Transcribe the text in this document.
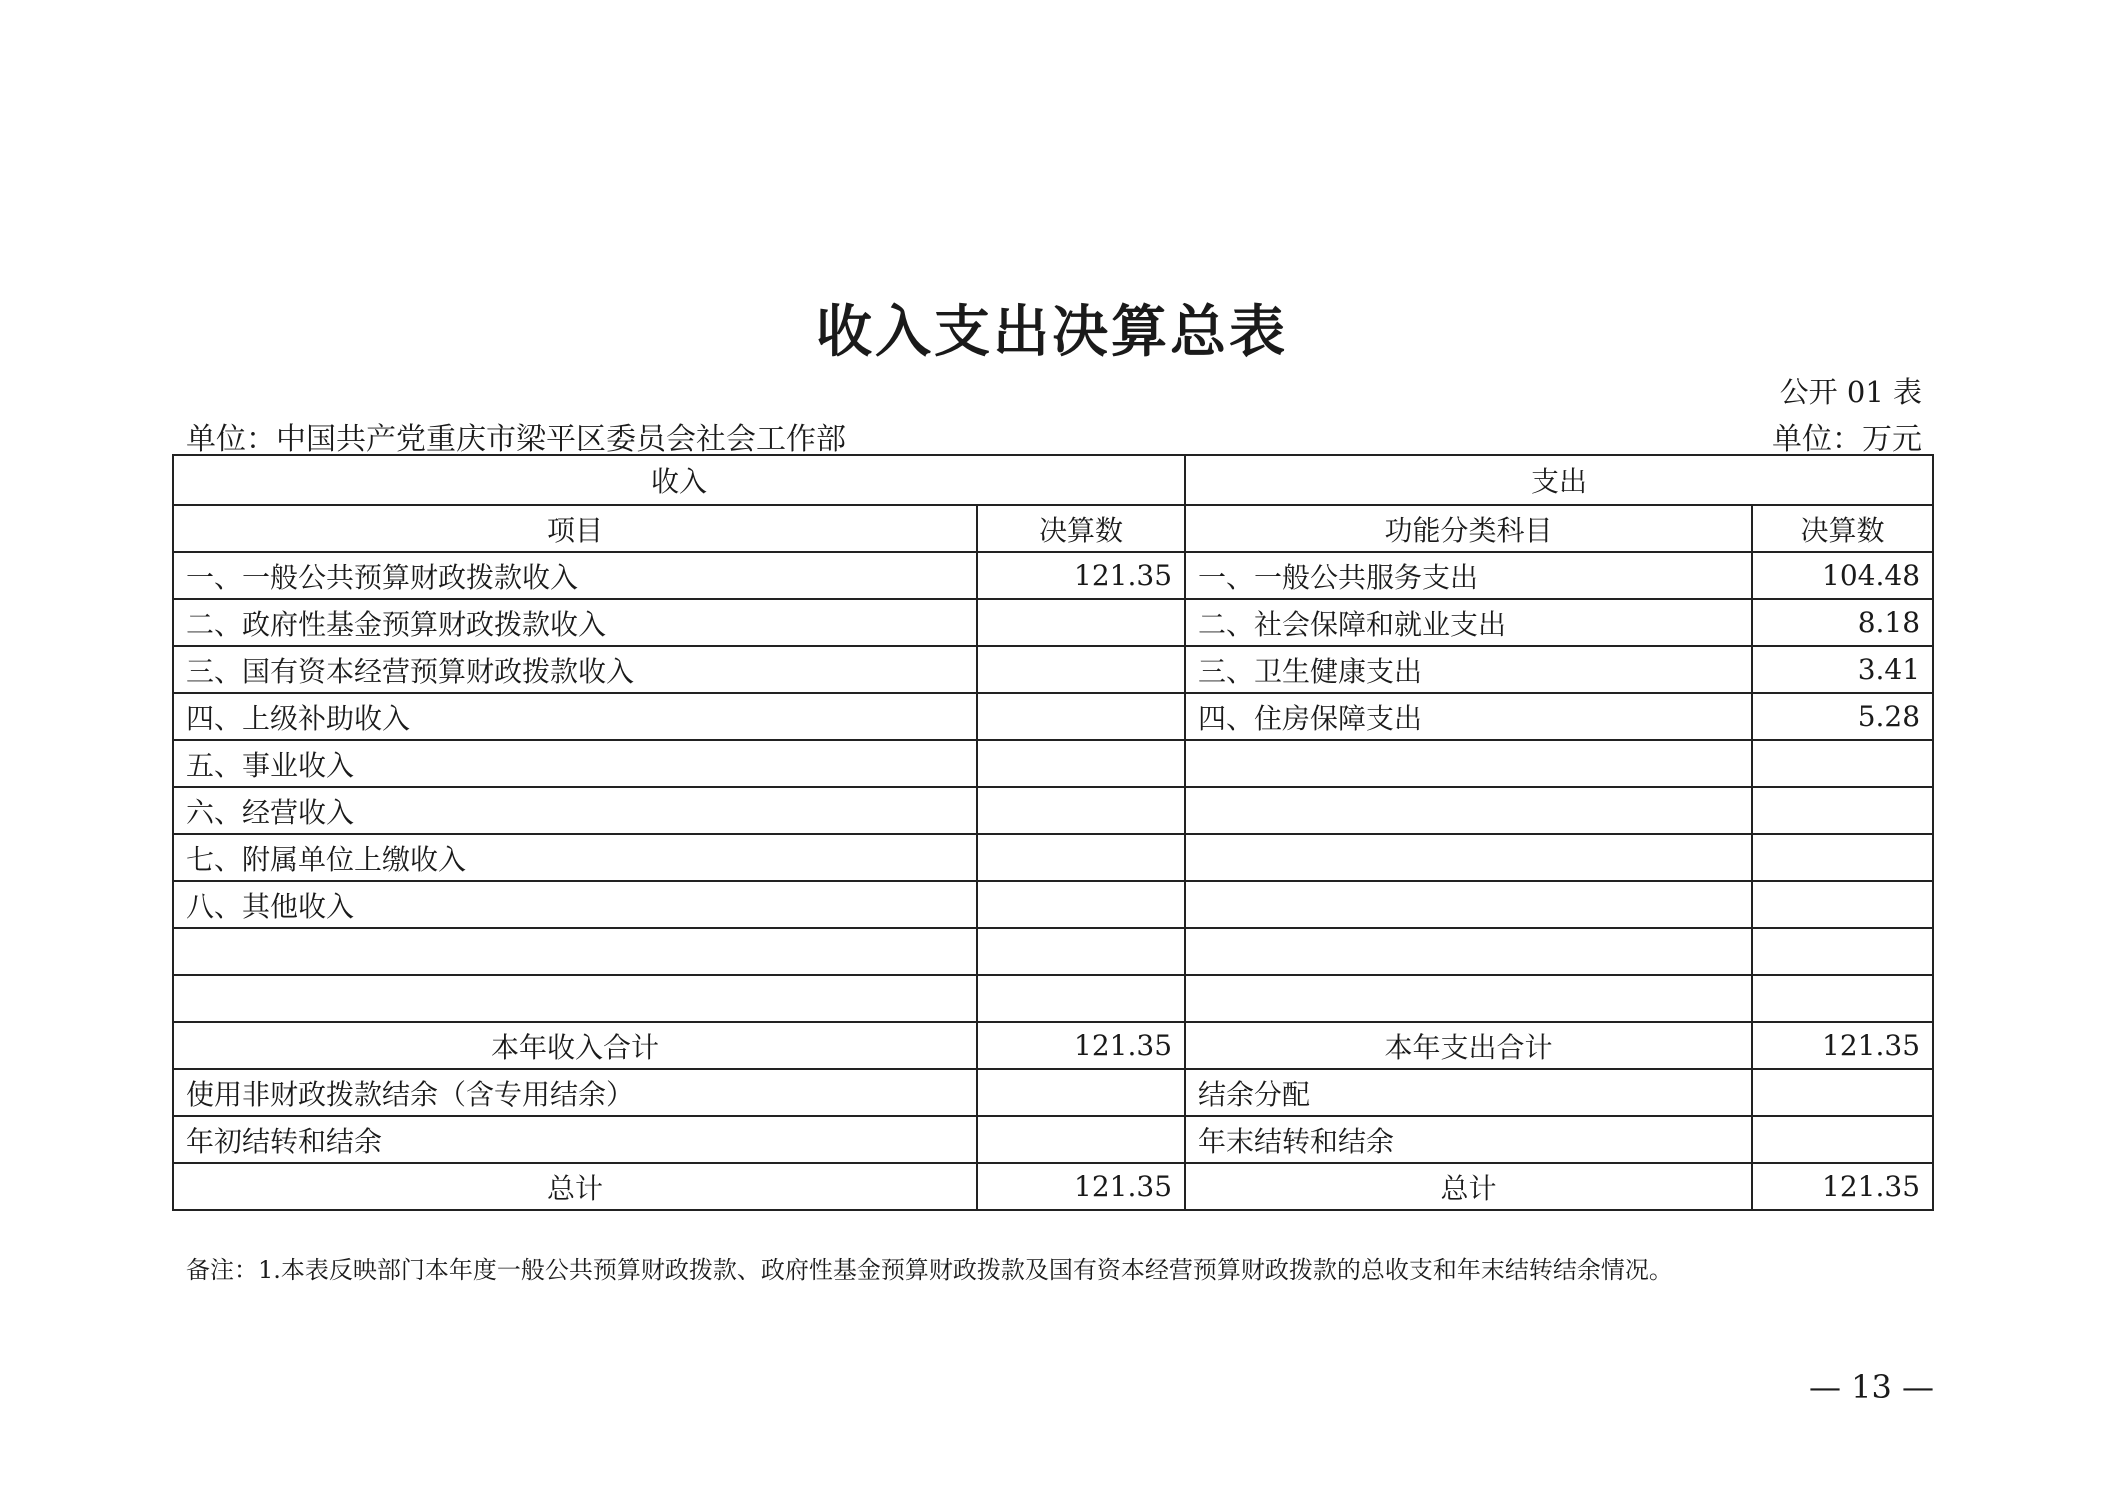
收入支出决算总表
公开 01 表
单位：中国共产党重庆市梁平区委员会社会工作部	单位：万元
收入		支出	
项目	决算数	功能分类科目	决算数
一、一般公共预算财政拨款收入	121.35	一、一般公共服务支出	104.48
二、政府性基金预算财政拨款收入		二、社会保障和就业支出	8.18
三、国有资本经营预算财政拨款收入		三、卫生健康支出	3.41
四、上级补助收入		四、住房保障支出	5.28
五、事业收入			
六、经营收入			
七、附属单位上缴收入			
八、其他收入			

本年收入合计	121.35	本年支出合计	121.35
使用非财政拨款结余（含专用结余）		结余分配	
年初结转和结余		年末结转和结余	
总计	121.35	总计	121.35
备注：1.本表反映部门本年度一般公共预算财政拨款、政府性基金预算财政拨款及国有资本经营预算财政拨款的总收支和年末结转结余情况。
— 13 —
